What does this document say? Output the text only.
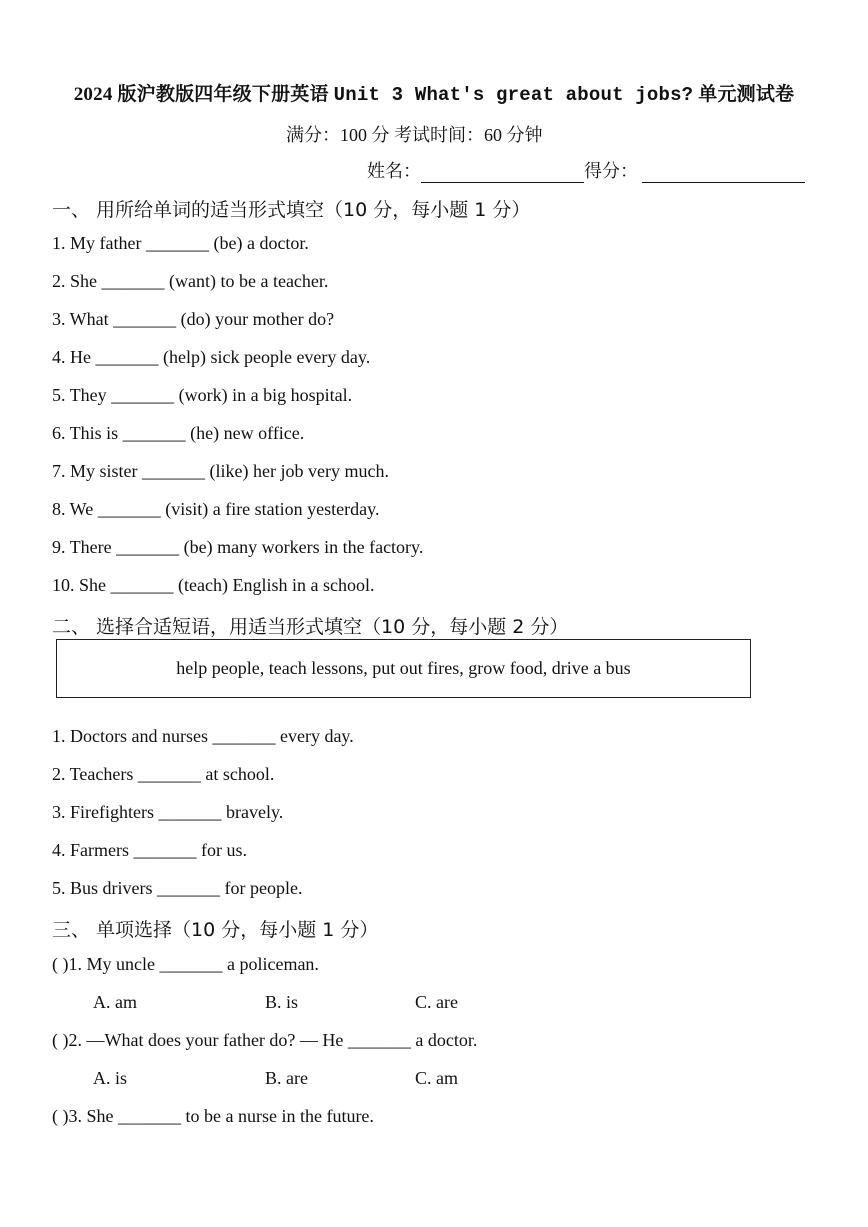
2024 版沪教版四年级下册英语 Unit 3 What's great about jobs? 单元测试卷
满分：100 分 考试时间：60 分钟
姓名：	得分：
一、 用所给单词的适当形式填空（10 分，每小题 1 分）
1. My father _______ (be) a doctor.
2. She _______ (want) to be a teacher.
3. What _______ (do) your mother do?
4. He _______ (help) sick people every day.
5. They _______ (work) in a big hospital.
6. This is _______ (he) new office.
7. My sister _______ (like) her job very much.
8. We _______ (visit) a fire station yesterday.
9. There _______ (be) many workers in the factory.
10. She _______ (teach) English in a school.
二、 选择合适短语，用适当形式填空（10 分，每小题 2 分）
help people, teach lessons, put out fires, grow food, drive a bus
1. Doctors and nurses _______ every day.
2. Teachers _______ at school.
3. Firefighters _______ bravely.
4. Farmers _______ for us.
5. Bus drivers _______ for people.
三、 单项选择（10 分，每小题 1 分）
( )1. My uncle _______ a policeman.
A. am	B. is	C. are
( )2. —What does your father do? — He _______ a doctor.
A. is	B. are	C. am
( )3. She _______ to be a nurse in the future.
